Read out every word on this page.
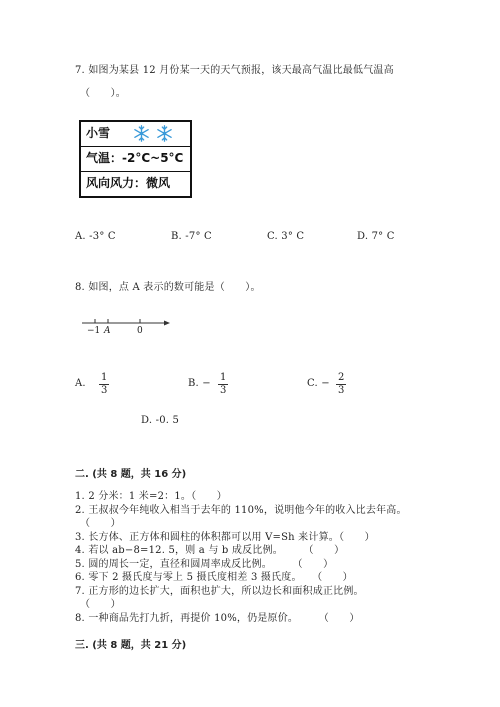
7. 如图为某县 12 月份某一天的天气预报，该天最高气温比最低气温高
（　　）。
小雪
气温：-2°C~5°C
风向风力：微风
A. -3° C	B. -7° C	C. 3° C	D. 7° C
8. 如图，点 A 表示的数可能是（　　）。
−1 A	0
A.
1
3
B. −
1
3
C. −
2
3
D. -0. 5
二. (共 8 题，共 16 分)
1. 2 分米：1 米=2：1。（　　）
2. 王叔叔今年纯收入相当于去年的 110%，说明他今年的收入比去年高。
（　　）
3. 长方体、正方体和圆柱的体积都可以用 V=Sh 来计算。（　　）
4. 若以 ab−8=12. 5，则 a 与 b 成反比例。　　　（　　）
5. 圆的周长一定，直径和圆周率成反比例。　　　（　　）
6. 零下 2 摄氏度与零上 5 摄氏度相差 3 摄氏度。　　（　　）
7. 正方形的边长扩大，面积也扩大，所以边长和面积成正比例。
（　　）
8. 一种商品先打九折，再提价 10%，仍是原价。　　　（　　）
三. (共 8 题，共 21 分)
